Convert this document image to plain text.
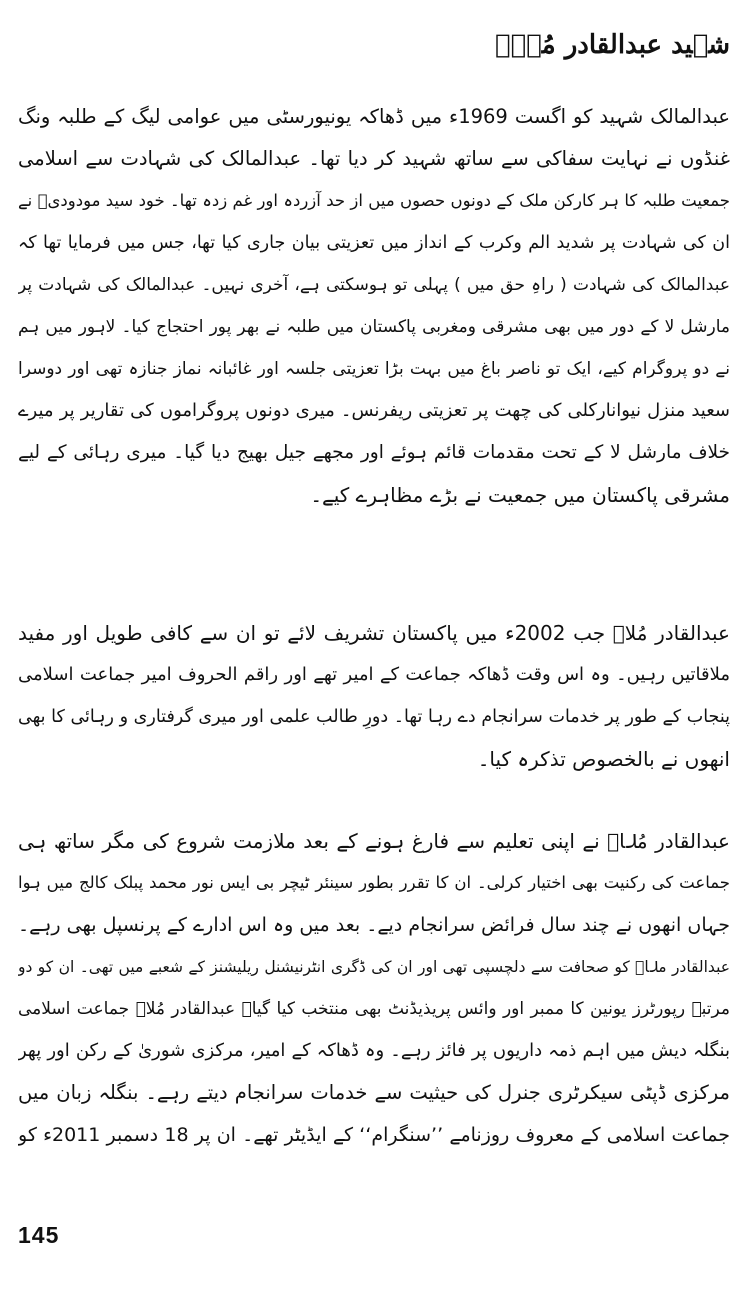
شہید عبدالقادر مُلاؔ
عبدالمالک شہید کو اگست 1969ء میں ڈھاکہ یونیورسٹی میں عوامی لیگ کے طلبہ ونگ
غنڈوں نے نہایت سفاکی سے ساتھ شہید کر دیا تھا۔ عبدالمالک کی شہادت سے اسلامی
جمعیت طلبہ کا ہر کارکن ملک کے دونوں حصوں میں از حد آزردہ اور غم زدہ تھا۔ خود سید مودودیؒ نے
ان کی شہادت پر شدید الم وکرب کے انداز میں تعزیتی بیان جاری کیا تھا، جس میں فرمایا تھا کہ
عبدالمالک کی شہادت ( راہِ حق میں ) پہلی تو ہوسکتی ہے، آخری نہیں۔ عبدالمالک کی شہادت پر
مارشل لا کے دور میں بھی مشرقی ومغربی پاکستان میں طلبہ نے بھر پور احتجاج کیا۔ لاہور میں ہم
نے دو پروگرام کیے، ایک تو ناصر باغ میں بہت بڑا تعزیتی جلسہ اور غائبانہ نماز جنازہ تھی اور دوسرا
سعید منزل نیوانارکلی کی چھت پر تعزیتی ریفرنس۔ میری دونوں پروگراموں کی تقاریر پر میرے
خلاف مارشل لا کے تحت مقدمات قائم ہوئے اور مجھے جیل بھیج دیا گیا۔ میری رہائی کے لیے
مشرقی پاکستان میں جمعیت نے بڑے مظاہرے کیے۔
عبدالقادر مُلاؔ جب 2002ء میں پاکستان تشریف لائے تو ان سے کافی طویل اور مفید
ملاقاتیں رہیں۔ وہ اس وقت ڈھاکہ جماعت کے امیر تھے اور راقم الحروف امیر جماعت اسلامی
پنجاب کے طور پر خدمات سرانجام دے رہا تھا۔ دورِ طالب علمی اور میری گرفتاری و رہائی کا بھی
انھوں نے بالخصوص تذکرہ کیا۔
عبدالقادر مُلاؔ نے اپنی تعلیم سے فارغ ہونے کے بعد ملازمت شروع کی مگر ساتھ ہی
جماعت کی رکنیت بھی اختیار کرلی۔ ان کا تقرر بطور سینئر ٹیچر بی ایس نور محمد پبلک کالج میں ہوا
جہاں انھوں نے چند سال فرائض سرانجام دیے۔ بعد میں وہ اس ادارے کے پرنسپل بھی رہے۔
عبدالقادر ملاؔ کو صحافت سے دلچسپی تھی اور ان کی ڈگری انٹرنیشنل ریلیشنز کے شعبے میں تھی۔ ان کو دو
مرتبہ رپورٹرز یونین کا ممبر اور وائس پریذیڈنٹ بھی منتخب کیا گیا۔ عبدالقادر مُلاؔ جماعت اسلامی
بنگلہ دیش میں اہم ذمہ داریوں پر فائز رہے۔ وہ ڈھاکہ کے امیر، مرکزی شوریٰ کے رکن اور پھر
مرکزی ڈپٹی سیکرٹری جنرل کی حیثیت سے خدمات سرانجام دیتے رہے۔ بنگلہ زبان میں
جماعت اسلامی کے معروف روزنامے ’’سنگرام‘‘ کے ایڈیٹر تھے۔ ان پر 18 دسمبر 2011ء کو
145
